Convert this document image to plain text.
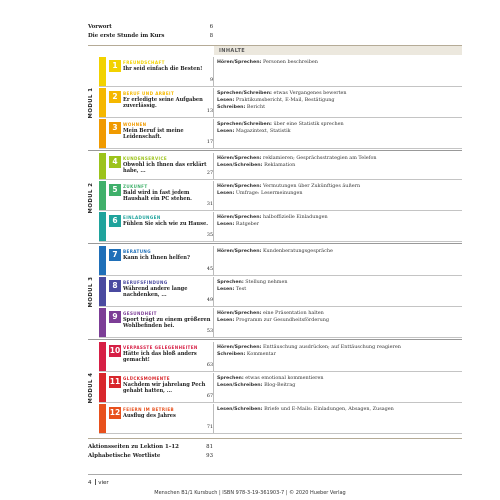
Vorwort	6
Die erste Stunde im Kurs	8
INHALTE
1	FREUNDSCHAFT
Ihr seid einfach die Besten!
9
Hören/Sprechen: Personen beschreiben
2	BERUF UND ARBEIT
Er erledigte seine Aufgaben zuverlässig.
13
Sprechen/Schreiben: etwas Vergangenes bewerten
Lesen: Praktikumsbericht, E-Mail, Bestätigung
Schreiben: Bericht
3	WOHNEN
Mein Beruf ist meine Leidenschaft.
17
Sprechen/Schreiben: über eine Statistik sprechen
Lesen: Magazintext, Statistik
4	KUNDENSERVICE
Obwohl ich Ihnen das erklärt habe, ...	27
Hören/Sprechen: reklamieren; Gesprächsstrategien am Telefon
Lesen/Schreiben: Reklamation
5	ZUKUNFT
Bald wird in fast jedem Haushalt ein PC stehen.
31
Hören/Sprechen: Vermutungen über Zukünftiges äußern
Lesen: Umfrage: Lesermeinungen
6	EINLADUNGEN
Fühlen Sie sich wie zu Hause.
35
Hören/Sprechen: halboffizielle Einladungen
Lesen: Ratgeber
7	BERATUNG
Kann ich Ihnen helfen?
45
Hören/Sprechen: Kundenberatungsgespräche
8	BERUFSFINDUNG
Während andere lange nachdenken, ...
49
Sprechen: Stellung nehmen
Lesen: Test
9	GESUNDHEIT
Sport trägt zu einem größeren Wohlbefinden bei.
53
Hören/Sprechen: eine Präsentation halten
Lesen: Programm zur Gesundheitsförderung
10 VERPASSTE GELEGENHEITEN
Hätte ich das bloß anders gemacht!
63
Hören/Sprechen: Enttäuschung ausdrücken; auf Enttäuschung reagieren
Schreiben: Kommentar
11 GLÜCKSMOMENTE
Nachdem wir jahrelang Pech gehabt hatten, ...
67
Sprechen: etwas emotional kommentieren
Lesen/Schreiben: Blog-Beitrag
12 FEIERN IM BETRIEB
Ausflug des Jahres
71
Lesen/Schreiben: Briefe und E-Mails: Einladungen, Absagen, Zusagen
MODUL 1
MODUL 2
MODUL 3
MODUL 4
Aktionsseiten zu Lektion 1–12	81
Alphabetische Wortliste	93
4 vier
Menschen B1/1 Kursbuch | ISBN 978-3-19-361903-7 | © 2020 Hueber Verlag
